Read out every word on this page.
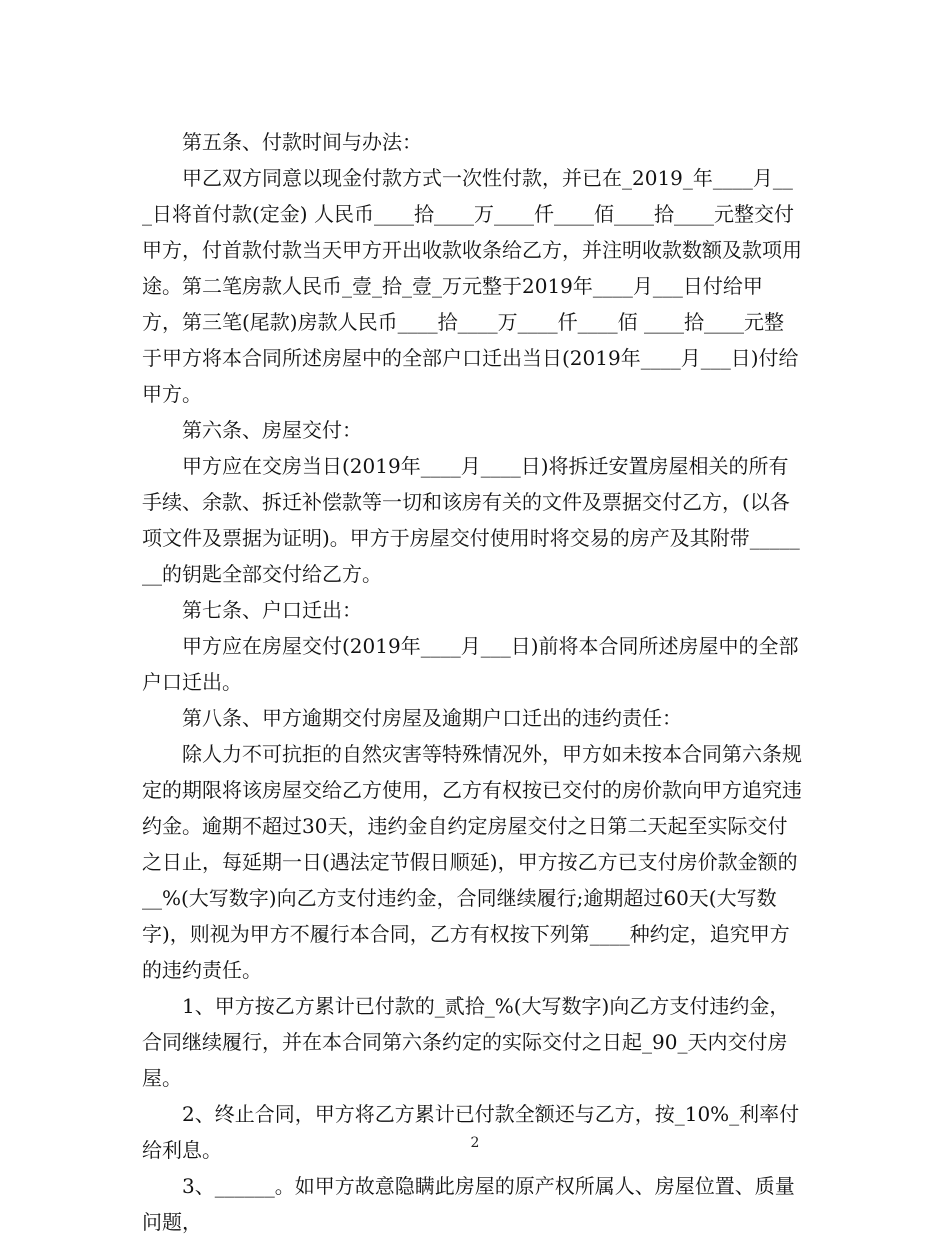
第五条、付款时间与办法：

甲乙双方同意以现金付款方式一次性付款，并已在_2019_年____月___日将首付款(定金) 人民币____拾____万____仟____佰____拾____元整交付甲方，付首款付款当天甲方开出收款收条给乙方，并注明收款数额及款项用途。第二笔房款人民币_壹_拾_壹_万元整于2019年____月___日付给甲方，第三笔(尾款)房款人民币____拾____万____仟____佰 ____拾____元整于甲方将本合同所述房屋中的全部户口迁出当日(2019年____月___日)付给甲方。

第六条、房屋交付：

甲方应在交房当日(2019年____月____日)将拆迁安置房屋相关的所有手续、余款、拆迁补偿款等一切和该房有关的文件及票据交付乙方，(以各项文件及票据为证明)。甲方于房屋交付使用时将交易的房产及其附带_______的钥匙全部交付给乙方。

第七条、户口迁出：

甲方应在房屋交付(2019年____月___日)前将本合同所述房屋中的全部户口迁出。

第八条、甲方逾期交付房屋及逾期户口迁出的违约责任：

除人力不可抗拒的自然灾害等特殊情况外，甲方如未按本合同第六条规定的期限将该房屋交给乙方使用，乙方有权按已交付的房价款向甲方追究违约金。逾期不超过30天，违约金自约定房屋交付之日第二天起至实际交付之日止，每延期一日(遇法定节假日顺延)，甲方按乙方已支付房价款金额的__%(大写数字)向乙方支付违约金，合同继续履行;逾期超过60天(大写数字)，则视为甲方不履行本合同，乙方有权按下列第____种约定，追究甲方的违约责任。

1、甲方按乙方累计已付款的_贰拾_%(大写数字)向乙方支付违约金，合同继续履行，并在本合同第六条约定的实际交付之日起_90_天内交付房屋。

2、终止合同，甲方将乙方累计已付款全额还与乙方，按_10%_利率付给利息。

3、______。如甲方故意隐瞒此房屋的原产权所属人、房屋位置、质量问题，

2
